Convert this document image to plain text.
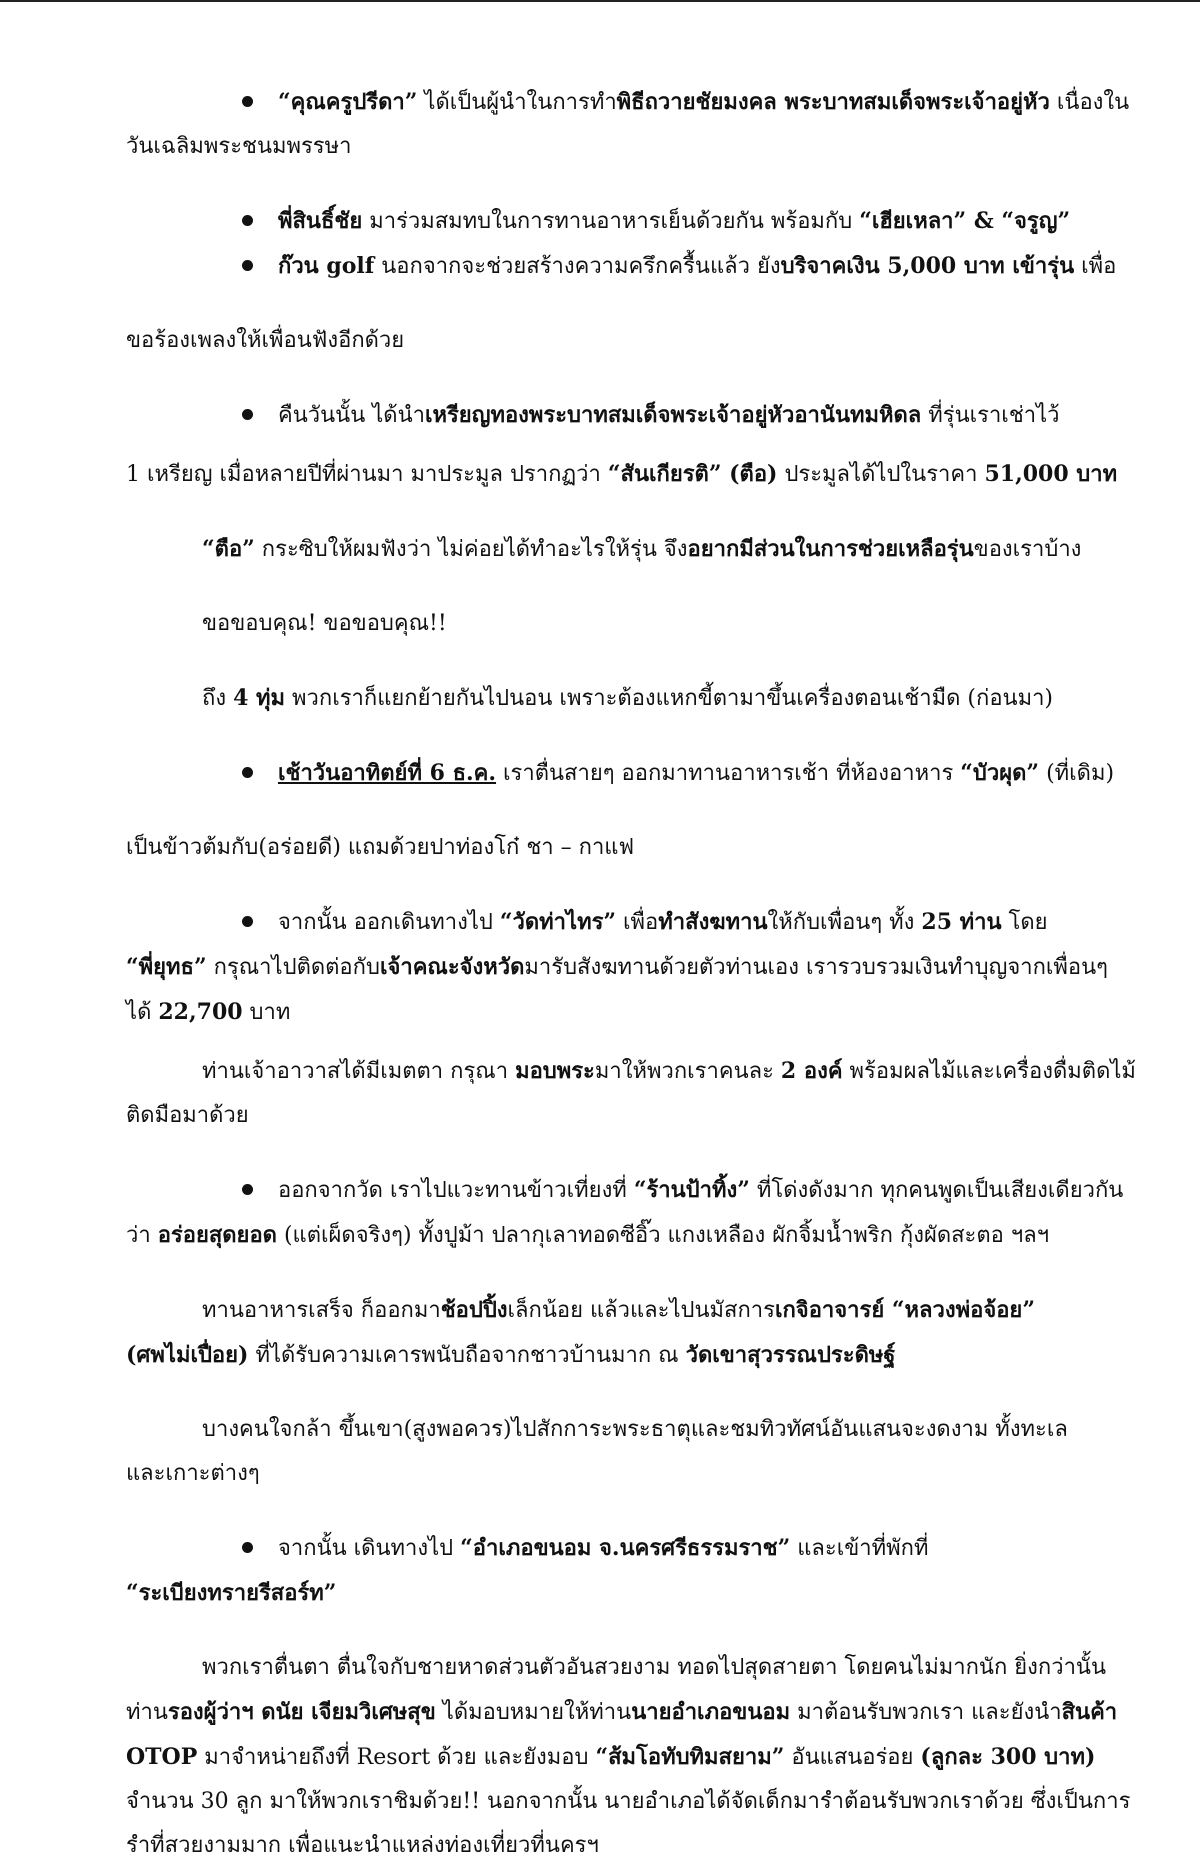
“คุณครูปรีดา” ได้เป็นผู้นำในการทำพิธีถวายชัยมงคล พระบาทสมเด็จพระเจ้าอยู่หัว เนื่องใน
วันเฉลิมพระชนมพรรษา
พี่สินธิ์ชัย มาร่วมสมทบในการทานอาหารเย็นด้วยกัน พร้อมกับ “เฮียเหลา” & “จรูญ”
ก๊วน golf นอกจากจะช่วยสร้างความครึกครื้นแล้ว ยังบริจาคเงิน 5,000 บาท เข้ารุ่น เพื่อ
ขอร้องเพลงให้เพื่อนฟังอีกด้วย
คืนวันนั้น ได้นำเหรียญทองพระบาทสมเด็จพระเจ้าอยู่หัวอานันทมหิดล ที่รุ่นเราเช่าไว้
1 เหรียญ เมื่อหลายปีที่ผ่านมา มาประมูล ปรากฏว่า “สันเกียรติ” (ตือ) ประมูลได้ไปในราคา 51,000 บาท
“ตือ” กระซิบให้ผมฟังว่า ไม่ค่อยได้ทำอะไรให้รุ่น จึงอยากมีส่วนในการช่วยเหลือรุ่นของเราบ้าง
ขอขอบคุณ! ขอขอบคุณ!!
ถึง 4 ทุ่ม พวกเราก็แยกย้ายกันไปนอน เพราะต้องแหกขี้ตามาขึ้นเครื่องตอนเช้ามืด (ก่อนมา)
เช้าวันอาทิตย์ที่ 6 ธ.ค. เราตื่นสายๆ ออกมาทานอาหารเช้า ที่ห้องอาหาร “บัวผุด” (ที่เดิม)
เป็นข้าวต้มกับ(อร่อยดี) แถมด้วยปาท่องโก๋ ชา – กาแฟ
จากนั้น ออกเดินทางไป “วัดท่าไทร” เพื่อทำสังฆทานให้กับเพื่อนๆ ทั้ง 25 ท่าน โดย
“พี่ยุทธ” กรุณาไปติดต่อกับเจ้าคณะจังหวัดมารับสังฆทานด้วยตัวท่านเอง เรารวบรวมเงินทำบุญจากเพื่อนๆ
ได้ 22,700 บาท
ท่านเจ้าอาวาสได้มีเมตตา กรุณา มอบพระมาให้พวกเราคนละ 2 องค์ พร้อมผลไม้และเครื่องดื่มติดไม้
ติดมือมาด้วย
ออกจากวัด เราไปแวะทานข้าวเที่ยงที่ “ร้านป้าทิ้ง” ที่โด่งดังมาก ทุกคนพูดเป็นเสียงเดียวกัน
ว่า อร่อยสุดยอด (แต่เผ็ดจริงๆ) ทั้งปูม้า ปลากุเลาทอดซีอิ๊ว แกงเหลือง ผักจิ้มน้ำพริก กุ้งผัดสะตอ ฯลฯ
ทานอาหารเสร็จ ก็ออกมาช้อปปิ้งเล็กน้อย แล้วและไปนมัสการเกจิอาจารย์ “หลวงพ่อจ้อย”
(ศพไม่เปื่อย) ที่ได้รับความเคารพนับถือจากชาวบ้านมาก ณ วัดเขาสุวรรณประดิษฐ์
บางคนใจกล้า ขึ้นเขา(สูงพอควร)ไปสักการะพระธาตุและชมทิวทัศน์อันแสนจะงดงาม ทั้งทะเล
และเกาะต่างๆ
จากนั้น เดินทางไป “อำเภอขนอม จ.นครศรีธรรมราช” และเข้าที่พักที่
“ระเบียงทรายรีสอร์ท”
พวกเราตื่นตา ตื่นใจกับชายหาดส่วนตัวอันสวยงาม ทอดไปสุดสายตา โดยคนไม่มากนัก ยิ่งกว่านั้น
ท่านรองผู้ว่าฯ ดนัย เจียมวิเศษสุข ได้มอบหมายให้ท่านนายอำเภอขนอม มาต้อนรับพวกเรา และยังนำสินค้า
OTOP มาจำหน่ายถึงที่ Resort ด้วย และยังมอบ “ส้มโอทับทิมสยาม” อันแสนอร่อย (ลูกละ 300 บาท)
จำนวน 30 ลูก มาให้พวกเราชิมด้วย!! นอกจากนั้น นายอำเภอได้จัดเด็กมารำต้อนรับพวกเราด้วย ซึ่งเป็นการ
รำที่สวยงามมาก เพื่อแนะนำแหล่งท่องเที่ยวที่นครฯ
